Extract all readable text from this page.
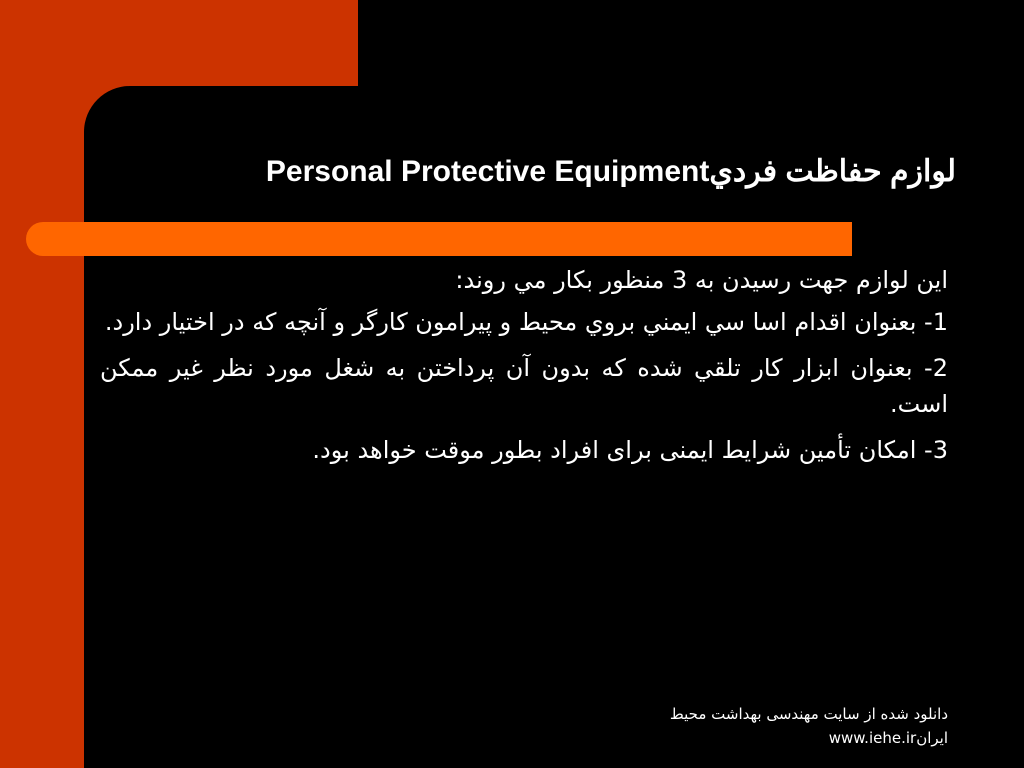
لوازم حفاظت فرديPersonal Protective Equipment

اين لوازم جهت رسيدن به 3 منظور بكار مي روند:

1- بعنوان اقدام اسا سي ايمني بروي محيط و پيرامون كارگر و آنچه كه در اختيار دارد.

2- بعنوان ابزار كار تلقي شده كه بدون آن پرداختن به شغل مورد نظر غير ممكن است.

3- امكان تأمین شرايط ايمنی برای افراد بطور موقت خواهد بود.

دانلود شده از سایت مهندسی بهداشت محیط
ایرانwww.iehe.ir
